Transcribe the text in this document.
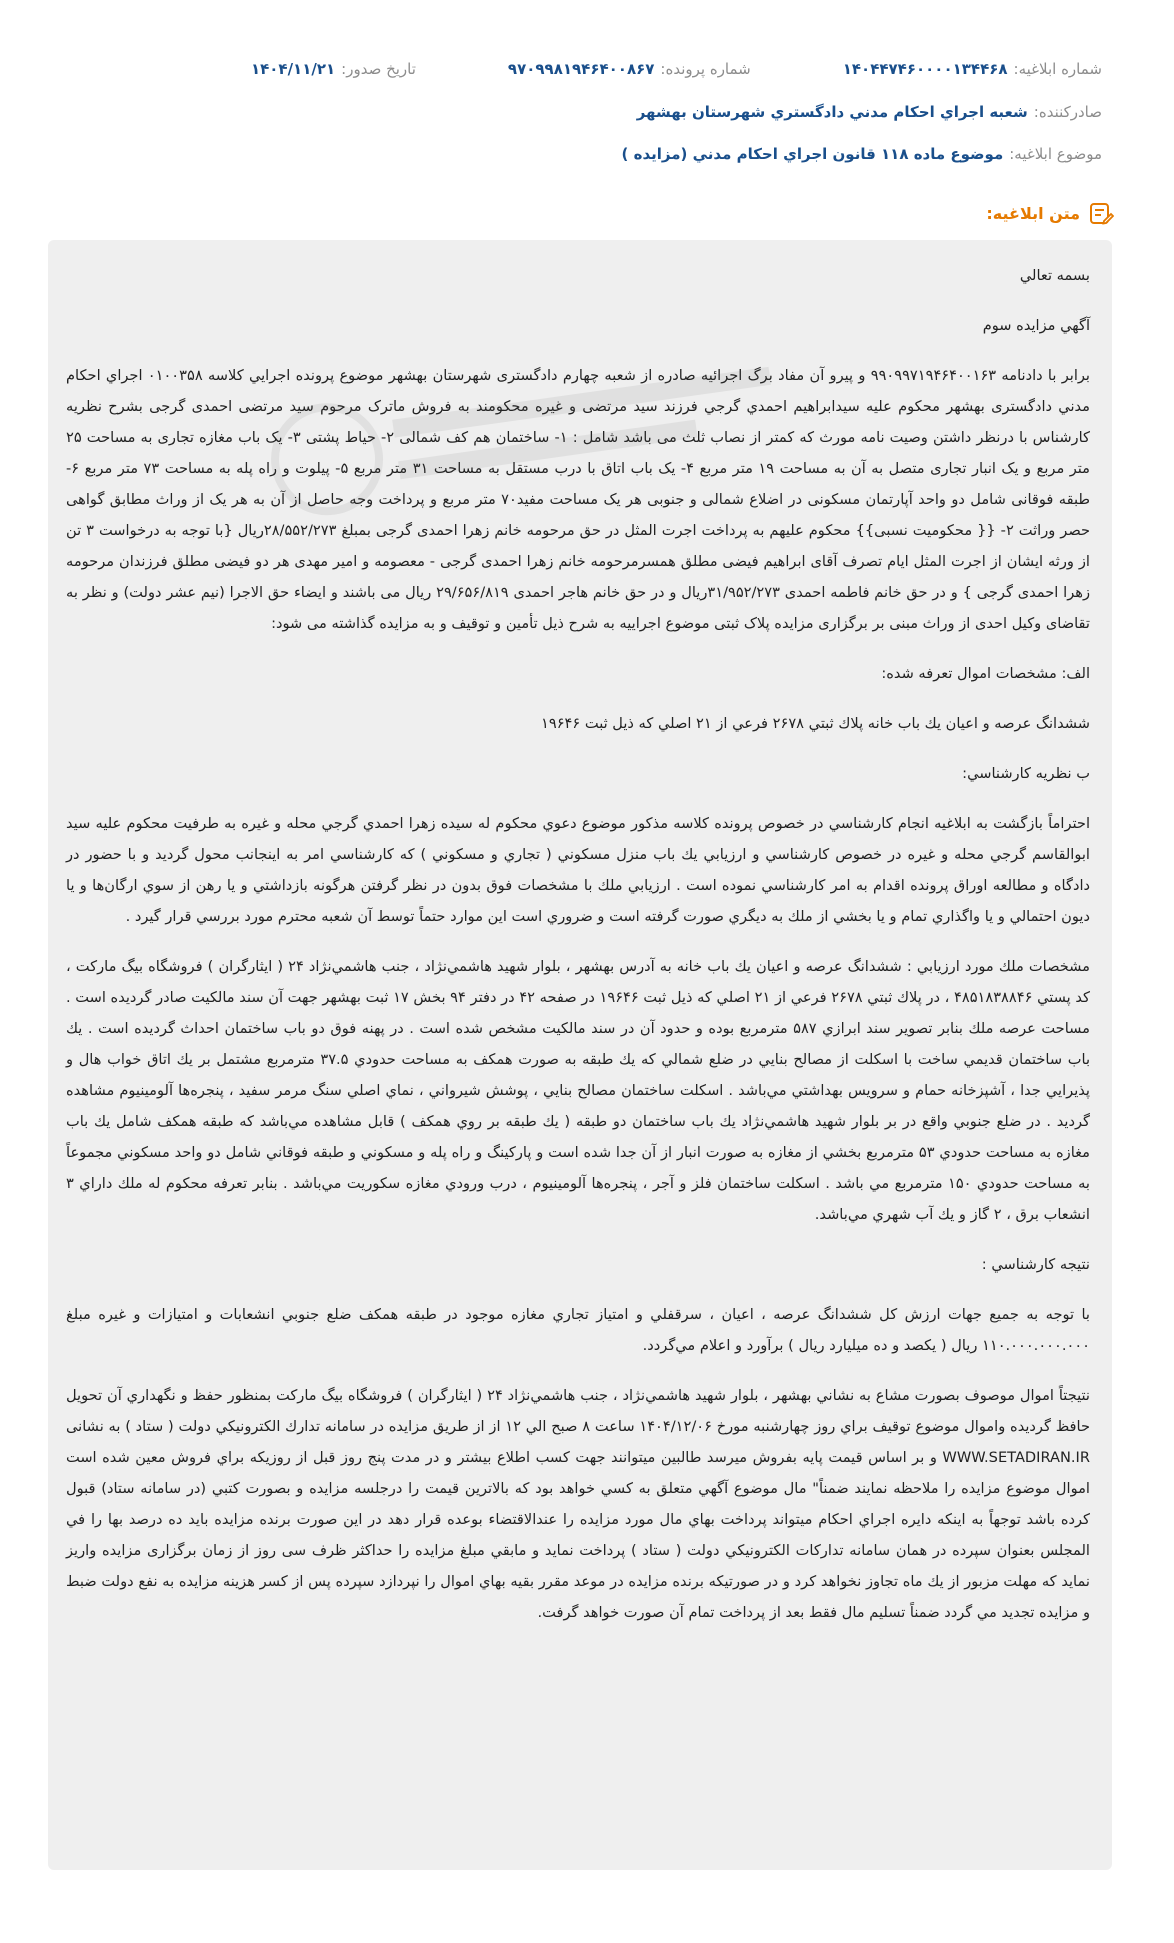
شماره ابلاغيه:
۱۴۰۴۴۷۴۶۰۰۰۰۱۳۴۴۶۸
شماره پرونده:
۹۷۰۹۹۸۱۹۴۶۴۰۰۸۶۷
تاريخ صدور:
۱۴۰۴/۱۱/۲۱
صادرکننده:
شعبه اجراي احکام مدني دادگستري شهرستان بهشهر
موضوع ابلاغيه:
موضوع ماده ۱۱۸ قانون اجراي احکام مدني (مزايده )
متن ابلاغيه:

بسمه تعالي

آگهي مزايده سوم

برابر با دادنامه ۹۹۰۹۹۷۱۹۴۶۴۰۰۱۶۳ و پيرو آن مفاد برگ اجرائيه صادره از شعبه چهارم دادگستری شهرستان بهشهر موضوع پرونده اجرايي كلاسه ۰۱۰۰۳۵۸ اجراي احكام مدني دادگستری بهشهر محكوم عليه سيدابراهيم احمدي گرجي فرزند سيد مرتضی و غيره محكومند به فروش ماترک مرحوم سيد مرتضی احمدی گرجی بشرح نظريه کارشناس با درنظر داشتن وصيت نامه مورث که کمتر از نصاب ثلث می باشد شامل : ۱- ساختمان هم کف شمالی ۲- حياط پشتی ۳- يک باب مغازه تجاری به مساحت ۲۵ متر مربع و يک انبار تجاری متصل به آن به مساحت ۱۹ متر مربع ۴- يک باب اتاق با درب مستقل به مساحت ۳۱ متر مربع ۵- پيلوت و راه پله به مساحت ۷۳ متر مربع ۶- طبقه فوقانی شامل دو واحد آپارتمان مسکونی در اضلاع شمالی و جنوبی هر يک مساحت مفيد۷۰ متر مربع و پرداخت وجه حاصل از آن به هر يک از وراث مطابق گواهی حصر وراثت ۲- {{ محکوميت نسبی}} محکوم عليهم به پرداخت اجرت المثل در حق مرحومه خانم زهرا احمدی گرجی بمبلغ ۲۸/۵۵۲/۲۷۳ريال {با توجه به درخواست ۳ تن از ورثه ايشان از اجرت المثل ايام تصرف آقای ابراهيم فيضی مطلق همسرمرحومه خانم زهرا احمدی گرجی - معصومه و امير مهدی هر دو فيضی مطلق فرزندان مرحومه زهرا احمدی گرجی } و در حق خانم فاطمه احمدی ۳۱/۹۵۲/۲۷۳ريال و در حق خانم هاجر احمدی ۲۹/۶۵۶/۸۱۹ ريال می باشند و ايضاء حق الاجرا (نيم عشر دولت) و نظر به تقاضای وکيل احدی از وراث مبنی بر برگزاری مزايده پلاک ثبتی موضوع اجراييه به شرح ذيل تأمين و توقيف و به مزايده گذاشته می شود:

الف: مشخصات اموال تعرفه شده:

ششدانگ عرصه و اعيان يك باب خانه پلاك ثبتي ۲۶۷۸ فرعي از ۲۱ اصلي كه ذيل ثبت ۱۹۶۴۶

ب نظريه کارشناسي:

احتراماً بازگشت به ابلاغيه انجام كارشناسي در خصوص پرونده كلاسه مذكور موضوع دعوي محكوم له سيده زهرا احمدي گرجي محله و غيره به طرفيت محكوم عليه سيد ابوالقاسم گرجي محله و غيره در خصوص كارشناسي و ارزيابي يك باب منزل مسكوني ( تجاري و مسكوني ) كه كارشناسي امر به اينجانب محول گرديد و با حضور در دادگاه و مطالعه اوراق پرونده اقدام به امر كارشناسي نموده است . ارزيابي ملك با مشخصات فوق بدون در نظر گرفتن هرگونه بازداشتي و يا رهن از سوي ارگان‌ها و يا ديون احتمالي و يا واگذاري تمام و يا بخشي از ملك به ديگري صورت گرفته است و ضروري است اين موارد حتماً توسط آن شعبه محترم مورد بررسي قرار گيرد .

مشخصات ملك مورد ارزيابي : ششدانگ عرصه و اعيان يك باب خانه به آدرس بهشهر ، بلوار شهيد هاشمي‌نژاد ، جنب هاشمي‌نژاد ۲۴ ( ايثارگران ) فروشگاه بيگ ماركت ، كد پستي ۴۸۵۱۸۳۸۸۴۶ ، در پلاك ثبتي ۲۶۷۸ فرعي از ۲۱ اصلي كه ذيل ثبت ۱۹۶۴۶ در صفحه ۴۲ در دفتر ۹۴ بخش ۱۷ ثبت بهشهر جهت آن سند مالكيت صادر گرديده است . مساحت عرصه ملك بنابر تصوير سند ابرازي ۵۸۷ مترمربع بوده و حدود آن در سند مالكيت مشخص شده است . در پهنه فوق دو باب ساختمان احداث گرديده است . يك باب ساختمان قديمي ساخت با اسكلت از مصالح بنايي در ضلع شمالي كه يك طبقه به صورت همكف به مساحت حدودي ۳۷.۵ مترمربع مشتمل بر يك اتاق خواب هال و پذيرايي جدا ، آشپزخانه حمام و سرويس بهداشتي مي‌باشد . اسكلت ساختمان مصالح بنايي ، پوشش شيرواني ، نماي اصلي سنگ مرمر سفيد ، پنجره‌ها آلومينيوم مشاهده گرديد . در ضلع جنوبي واقع در بر بلوار شهيد هاشمي‌نژاد يك باب ساختمان دو طبقه ( يك طبقه بر روي همكف ) قابل مشاهده مي‌باشد كه طبقه همكف شامل يك باب مغازه به مساحت حدودي ۵۳ مترمربع بخشي از مغازه به صورت انبار از آن جدا شده است و پاركينگ و راه پله و مسكوني و طبقه فوقاني شامل دو واحد مسكوني مجموعاً به مساحت حدودي ۱۵۰ مترمربع مي باشد . اسكلت ساختمان فلز و آجر ، پنجره‌ها آلومينيوم ، درب ورودي مغازه سكوريت مي‌باشد . بنابر تعرفه محكوم له ملك داراي ۳ انشعاب برق ، ۲ گاز و يك آب شهري مي‌باشد.

نتيجه كارشناسي :

با توجه به جميع جهات ارزش كل ششدانگ عرصه ، اعيان ، سرقفلي و امتياز تجاري مغازه موجود در طبقه همكف ضلع جنوبي انشعابات و امتيازات و غيره مبلغ ۱۱۰.۰۰۰.۰۰۰.۰۰۰ ريال ( يكصد و ده ميليارد ريال ) برآورد و اعلام مي‌گردد.

نتيجتاً اموال موصوف بصورت مشاع به نشاني بهشهر ، بلوار شهيد هاشمي‌نژاد ، جنب هاشمي‌نژاد ۲۴ ( ايثارگران ) فروشگاه بيگ ماركت بمنظور حفظ و نگهداري آن تحويل حافظ گرديده واموال موضوع توقيف براي روز چهارشنبه مورخ ۱۴۰۴/۱۲/۰۶ ساعت ۸ صبح الي ۱۲ از از طريق مزايده در سامانه تدارك الكترونيكي دولت ( ستاد ) به نشانی WWW.SETADIRAN.IR و بر اساس قيمت پايه بفروش ميرسد طالبين ميتوانند جهت كسب اطلاع بيشتر و در مدت پنج روز قبل از روزيكه براي فروش معين شده است اموال موضوع مزايده را ملاحظه نمايند ضمناً" مال موضوع آگهي متعلق به كسي خواهد بود كه بالاترين قيمت را درجلسه مزايده و بصورت كتبي (در سامانه ستاد) قبول كرده باشد توجهاً به اينكه دايره اجراي احكام ميتواند پرداخت بهاي مال مورد مزايده را عندالاقتضاء بوعده قرار دهد در اين صورت برنده مزايده بايد ده درصد بها را في المجلس بعنوان سپرده در همان سامانه تداركات الكترونيكي دولت ( ستاد ) پرداخت نمايد و مابقي مبلغ مزايده را حداكثر ظرف سی روز از زمان برگزاری مزايده واريز نمايد كه مهلت مزبور از يك ماه تجاوز نخواهد كرد و در صورتيكه برنده مزايده در موعد مقرر بقيه بهاي اموال را نپردازد سپرده پس از كسر هزينه مزايده به نفع دولت ضبط و مزايده تجديد مي گردد ضمناً تسليم مال فقط بعد از پرداخت تمام آن صورت خواهد گرفت.
